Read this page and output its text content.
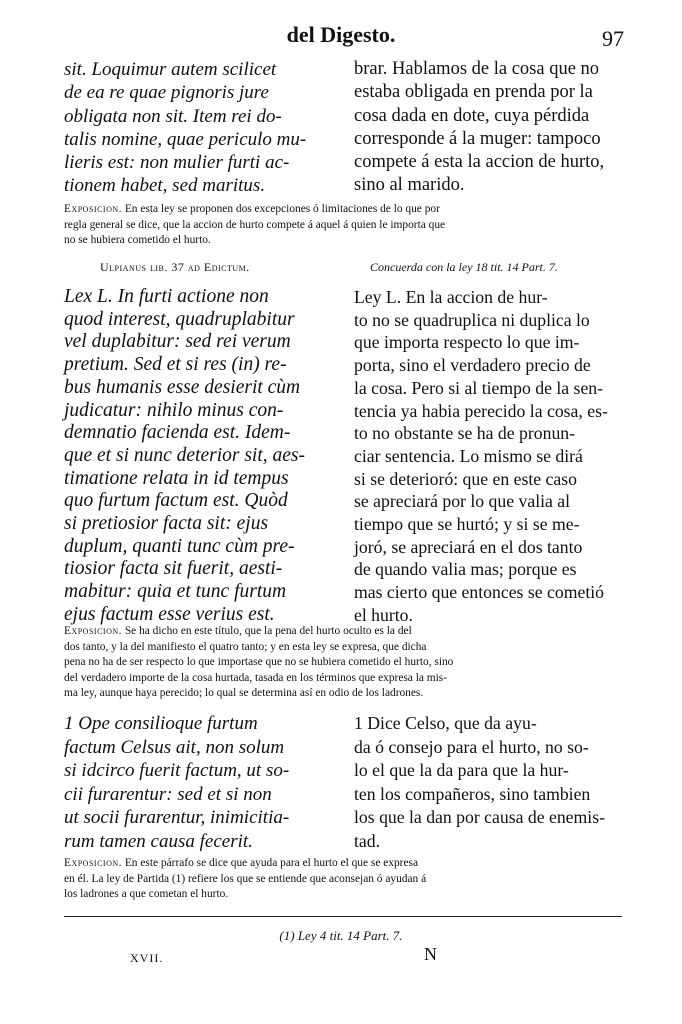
del Digesto.	97
sit. Loquimur autem scilicet
de ea re quae pignoris jure
obligata non sit. Item rei do-
talis nomine, quae periculo mu-
lieris est: non mulier furti ac-
tionem habet, sed maritus.
brar. Hablamos de la cosa que no
estaba obligada en prenda por la
cosa dada en dote, cuya pérdida
corresponde á la muger: tampoco
compete á esta la accion de hurto,
sino al marido.
Exposicion. En esta ley se proponen dos excepciones ó limitaciones de lo que por
regla general se dice, que la accion de hurto compete á aquel á quien le importa que
no se hubiera cometido el hurto.
Concuerda con la ley 18 tit. 14 Part. 7.
Ulpianus lib. 37 ad Edictum.
Lex L. In furti actione non
quod interest, quadruplabitur
vel duplabitur: sed rei verum
pretium. Sed et si res (in) re-
bus humanis esse desierit cùm
judicatur: nihilo minus con-
demnatio facienda est. Idem-
que et si nunc deterior sit, aes-
timatione relata in id tempus
quo furtum factum est. Quòd
si pretiosior facta sit: ejus
duplum, quanti tunc cùm pre-
tiosior facta sit fuerit, aesti-
mabitur: quia et tunc furtum
ejus factum esse verius est.
Ley L. En la accion de hur-
to no se quadruplica ni duplica lo
que importa respecto lo que im-
porta, sino el verdadero precio de
la cosa. Pero si al tiempo de la sen-
tencia ya habia perecido la cosa, es-
to no obstante se ha de pronun-
ciar sentencia. Lo mismo se dirá
si se deterioró: que en este caso
se apreciará por lo que valia al
tiempo que se hurtó; y si se me-
joró, se apreciará en el dos tanto
de quando valia mas; porque es
mas cierto que entonces se cometió
el hurto.
Exposicion. Se ha dicho en este título, que la pena del hurto oculto es la del
dos tanto, y la del manifiesto el quatro tanto; y en esta ley se expresa, que dicha
pena no ha de ser respecto lo que importase que no se hubiera cometido el hurto, sino
del verdadero importe de la cosa hurtada, tasada en los términos que expresa la mis-
ma ley, aunque haya perecido; lo qual se determina así en odio de los ladrones.
1 Ope consilioque furtum
factum Celsus ait, non solum
si idcirco fuerit factum, ut so-
cii furarentur: sed et si non
ut socii furarentur, inimicitia-
rum tamen causa fecerit.
1 Dice Celso, que da ayu-
da ó consejo para el hurto, no so-
lo el que la da para que la hur-
ten los compañeros, sino tambien
los que la dan por causa de enemis-
tad.
Exposicion. En este párrafo se dice que ayuda para el hurto el que se expresa
en él. La ley de Partida (1) refiere los que se entiende que aconsejan ó ayudan á
los ladrones a que cometan el hurto.
(1) Ley 4 tit. 14 Part. 7.
XVII.	N
